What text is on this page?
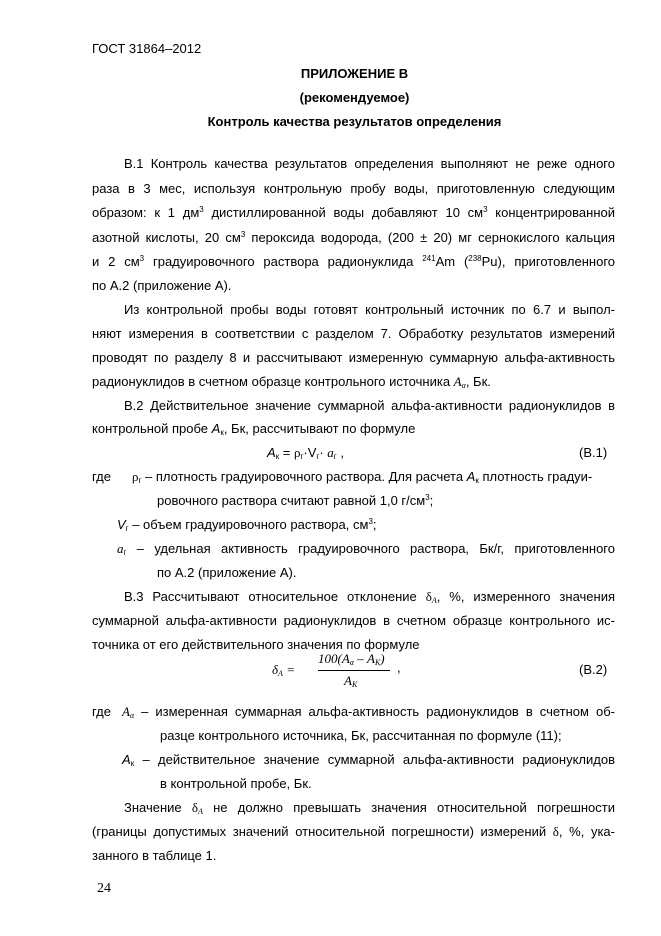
ГОСТ 31864–2012
ПРИЛОЖЕНИЕ В
(рекомендуемое)
Контроль качества результатов определения
В.1 Контроль качества результатов определения выполняют не реже одного
раза в 3 мес, используя контрольную пробу воды, приготовленную следующим
образом: к 1 $дм^3$ дистиллированной воды добавляют 10 $см^3$ концентрированной
азотной кислоты, 20 $см^3$ пероксида водорода, (200 ± 20) мг сернокислого кальция
и 2 $см^3$ градуировочного раствора радионуклида $^{241}$Am ($^{238}$Pu), приготовленного
по А.2 (приложение А).
Из контрольной пробы воды готовят контрольный источник по 6.7 и выпол-
няют измерения в соответствии с разделом 7. Обработку результатов измерений
проводят по разделу 8 и рассчитывают измеренную суммарную альфа-активность
радионуклидов в счетном образце контрольного источника $A_\alpha$, Бк.
В.2 Действительное значение суммарной альфа-активности радионуклидов в
контрольной пробе $A_к$, Бк, рассчитывают по формуле
$A_к = \rho_г\cdot V_г\cdot a_г$ ,	(В.1)
где $\rho_г$ – плотность градуировочного раствора. Для расчета $A_к$ плотность градуи-
ровочного раствора считают равной 1,0 $г/см^3$;
$V_г$ – объем градуировочного раствора, $см^3$;
$a_г$ – удельная активность градуировочного раствора, Бк/г, приготовленного
по А.2 (приложение А).
В.3 Рассчитывают относительное отклонение $\delta_A$, %, измеренного значения
суммарной альфа-активности радионуклидов в счетном образце контрольного ис-
точника от его действительного значения по формуле
$\delta_A$ =
$100(A_\alpha - A_K)$
$A_K$
,	(В.2)
где $A_\alpha$ – измеренная суммарная альфа-активность радионуклидов в счетном об-
разце контрольного источника, Бк, рассчитанная по формуле (11);
$A_к$ – действительное значение суммарной альфа-активности радионуклидов
в контрольной пробе, Бк.
Значение $\delta_A$ не должно превышать значения относительной погрешности
(границы допустимых значений относительной погрешности) измерений δ, %, ука-
занного в таблице 1.
24
